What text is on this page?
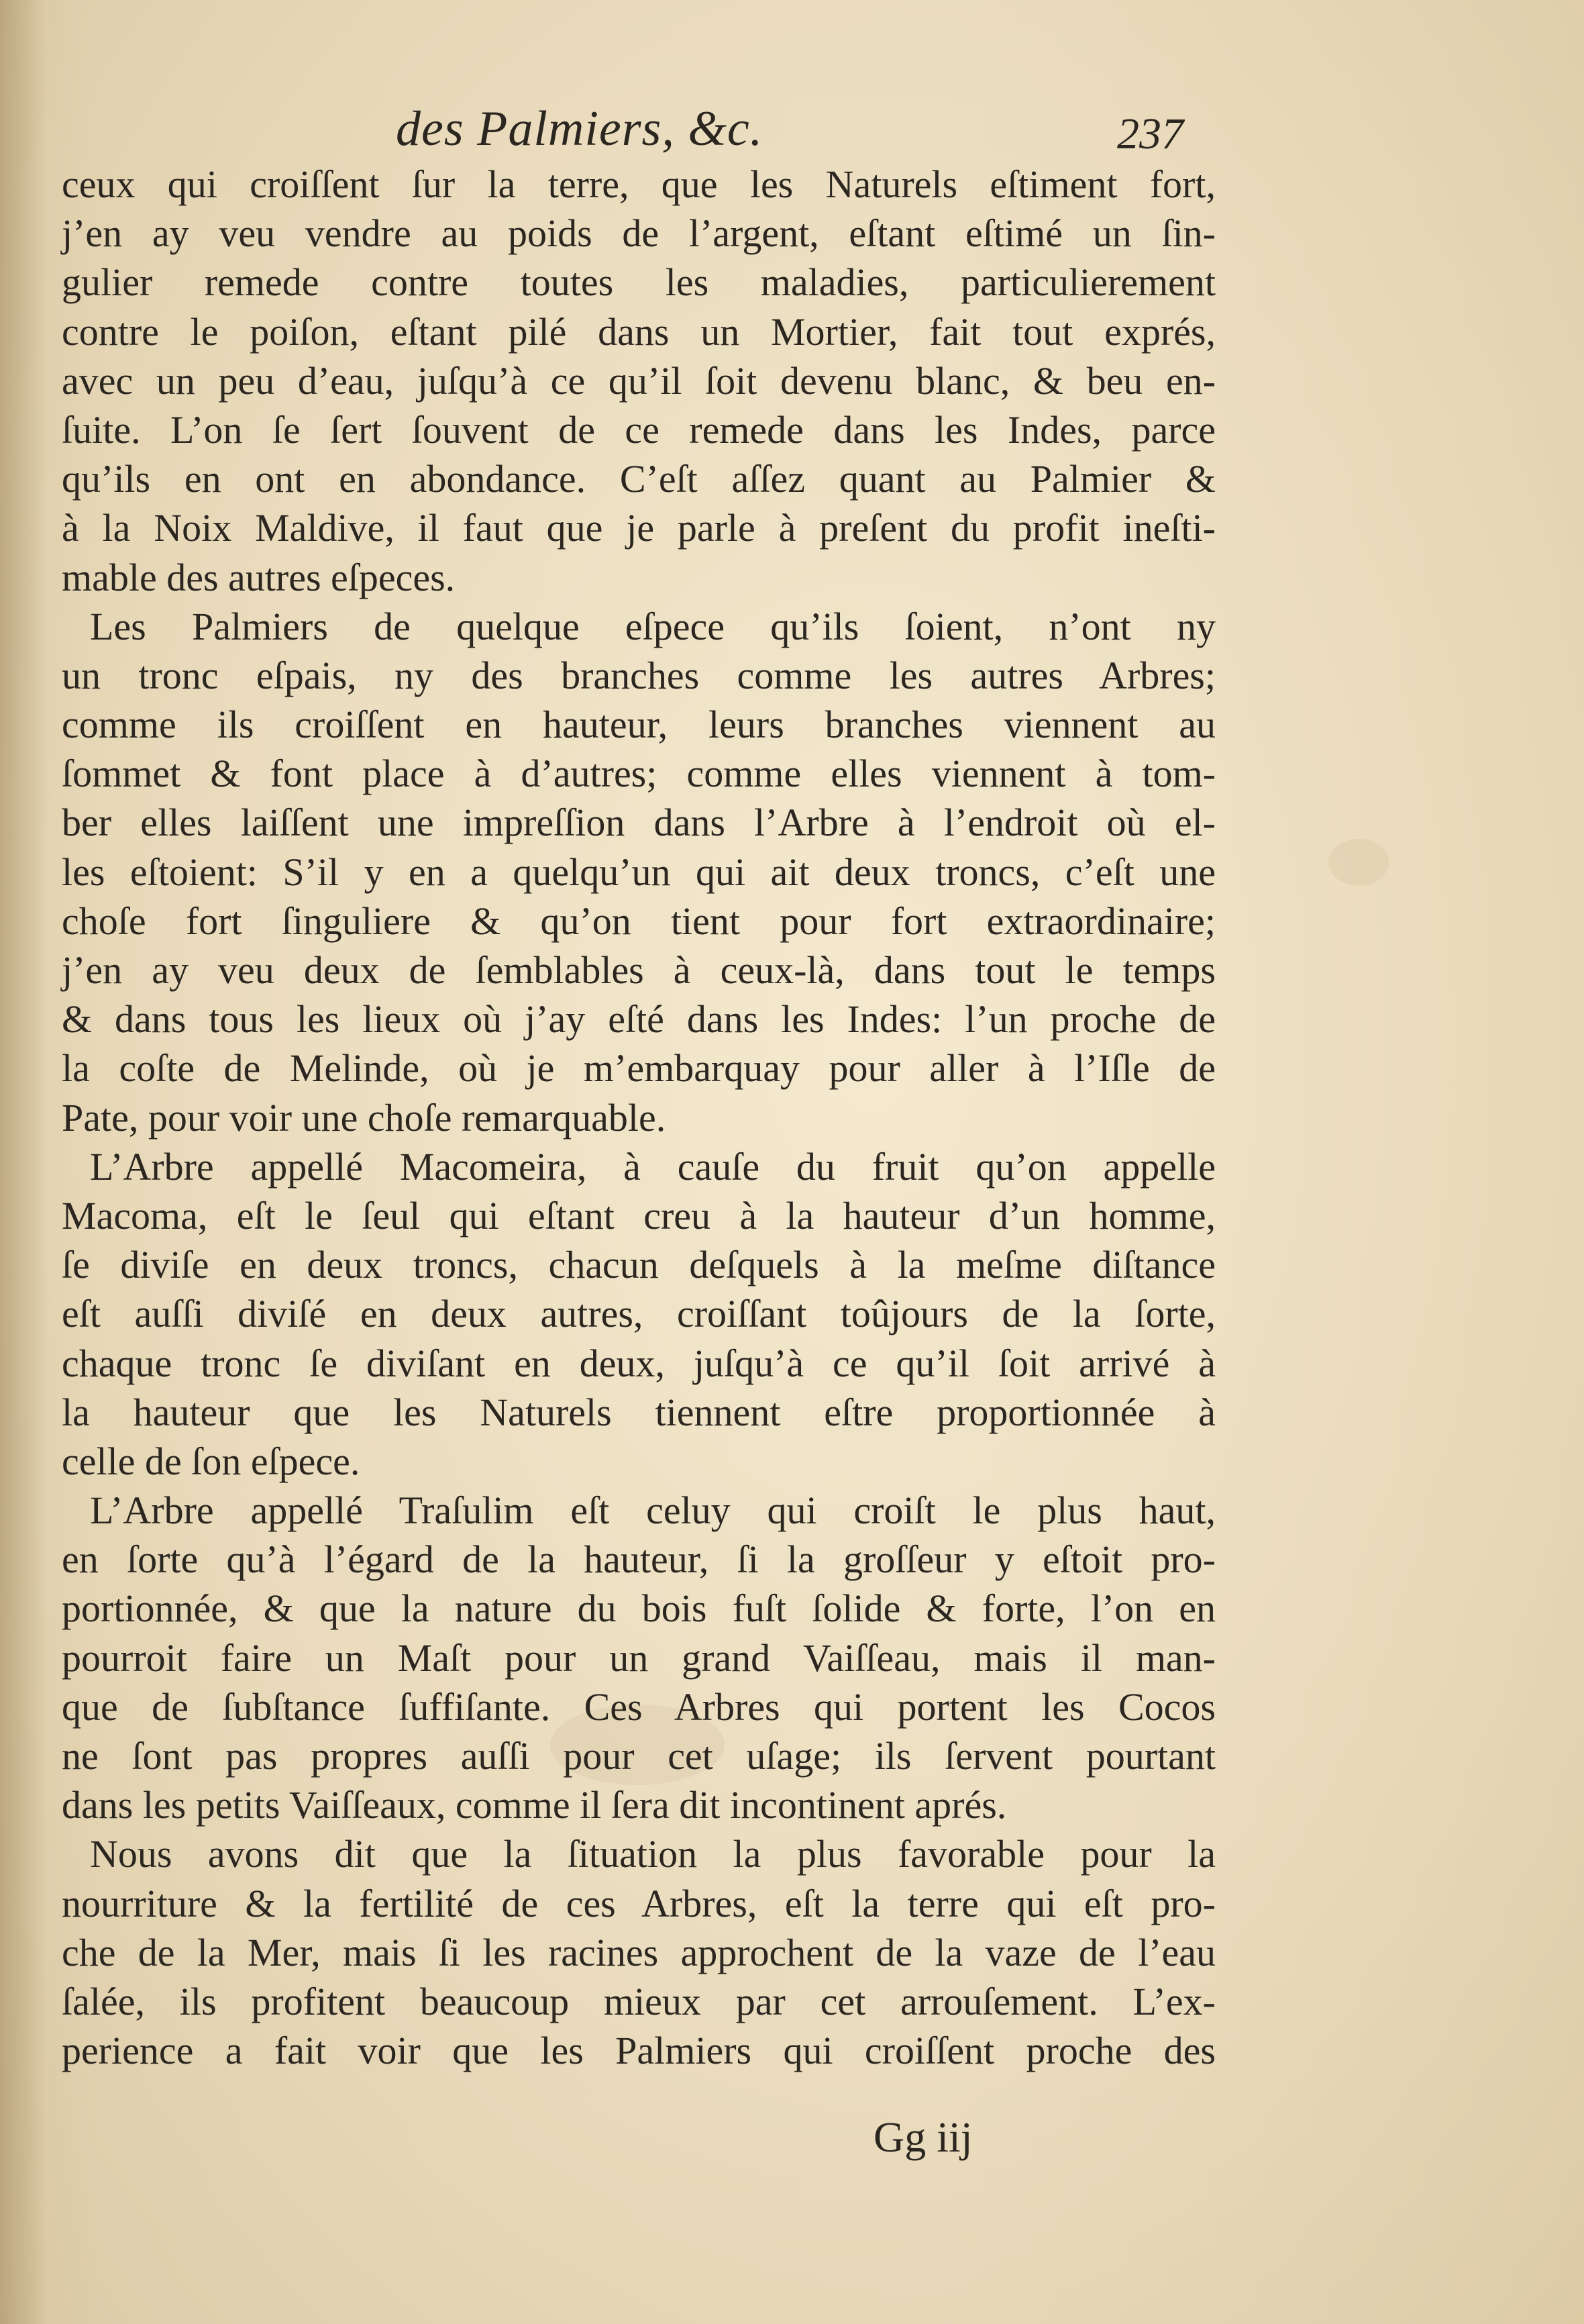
des Palmiers, &c.	237
ceux qui croiſſent ſur la terre, que les Naturels eſtiment fort,
j’en ay veu vendre au poids de l’argent, eſtant eſtimé un ſin-
gulier remede contre toutes les maladies, particulierement
contre le poiſon, eſtant pilé dans un Mortier, fait tout exprés,
avec un peu d’eau, juſqu’à ce qu’il ſoit devenu blanc, & beu en-
ſuite. L’on ſe ſert ſouvent de ce remede dans les Indes, parce
qu’ils en ont en abondance. C’eſt aſſez quant au Palmier &
à la Noix Maldive, il faut que je parle à preſent du profit ineſti-
mable des autres eſpeces.
Les Palmiers de quelque eſpece qu’ils ſoient, n’ont ny
un tronc eſpais, ny des branches comme les autres Arbres;
comme ils croiſſent en hauteur, leurs branches viennent au
ſommet & font place à d’autres; comme elles viennent à tom-
ber elles laiſſent une impreſſion dans l’Arbre à l’endroit où el-
les eſtoient: S’il y en a quelqu’un qui ait deux troncs, c’eſt une
choſe fort ſinguliere & qu’on tient pour fort extraordinaire;
j’en ay veu deux de ſemblables à ceux-là, dans tout le temps
& dans tous les lieux où j’ay eſté dans les Indes: l’un proche de
la coſte de Melinde, où je m’embarquay pour aller à l’Iſle de
Pate, pour voir une choſe remarquable.
L’Arbre appellé Macomeira, à cauſe du fruit qu’on appelle
Macoma, eſt le ſeul qui eſtant creu à la hauteur d’un homme,
ſe diviſe en deux troncs, chacun deſquels à la meſme diſtance
eſt auſſi diviſé en deux autres, croiſſant toûjours de la ſorte,
chaque tronc ſe diviſant en deux, juſqu’à ce qu’il ſoit arrivé à
la hauteur que les Naturels tiennent eſtre proportionnée à
celle de ſon eſpece.
L’Arbre appellé Traſulim eſt celuy qui croiſt le plus haut,
en ſorte qu’à l’égard de la hauteur, ſi la groſſeur y eſtoit pro-
portionnée, & que la nature du bois fuſt ſolide & forte, l’on en
pourroit faire un Maſt pour un grand Vaiſſeau, mais il man-
que de ſubſtance ſuffiſante. Ces Arbres qui portent les Cocos
ne ſont pas propres auſſi pour cet uſage; ils ſervent pourtant
dans les petits Vaiſſeaux, comme il ſera dit incontinent aprés.
Nous avons dit que la ſituation la plus favorable pour la
nourriture & la fertilité de ces Arbres, eſt la terre qui eſt pro-
che de la Mer, mais ſi les racines approchent de la vaze de l’eau
ſalée, ils profitent beaucoup mieux par cet arrouſement. L’ex-
perience a fait voir que les Palmiers qui croiſſent proche des
Gg iij
